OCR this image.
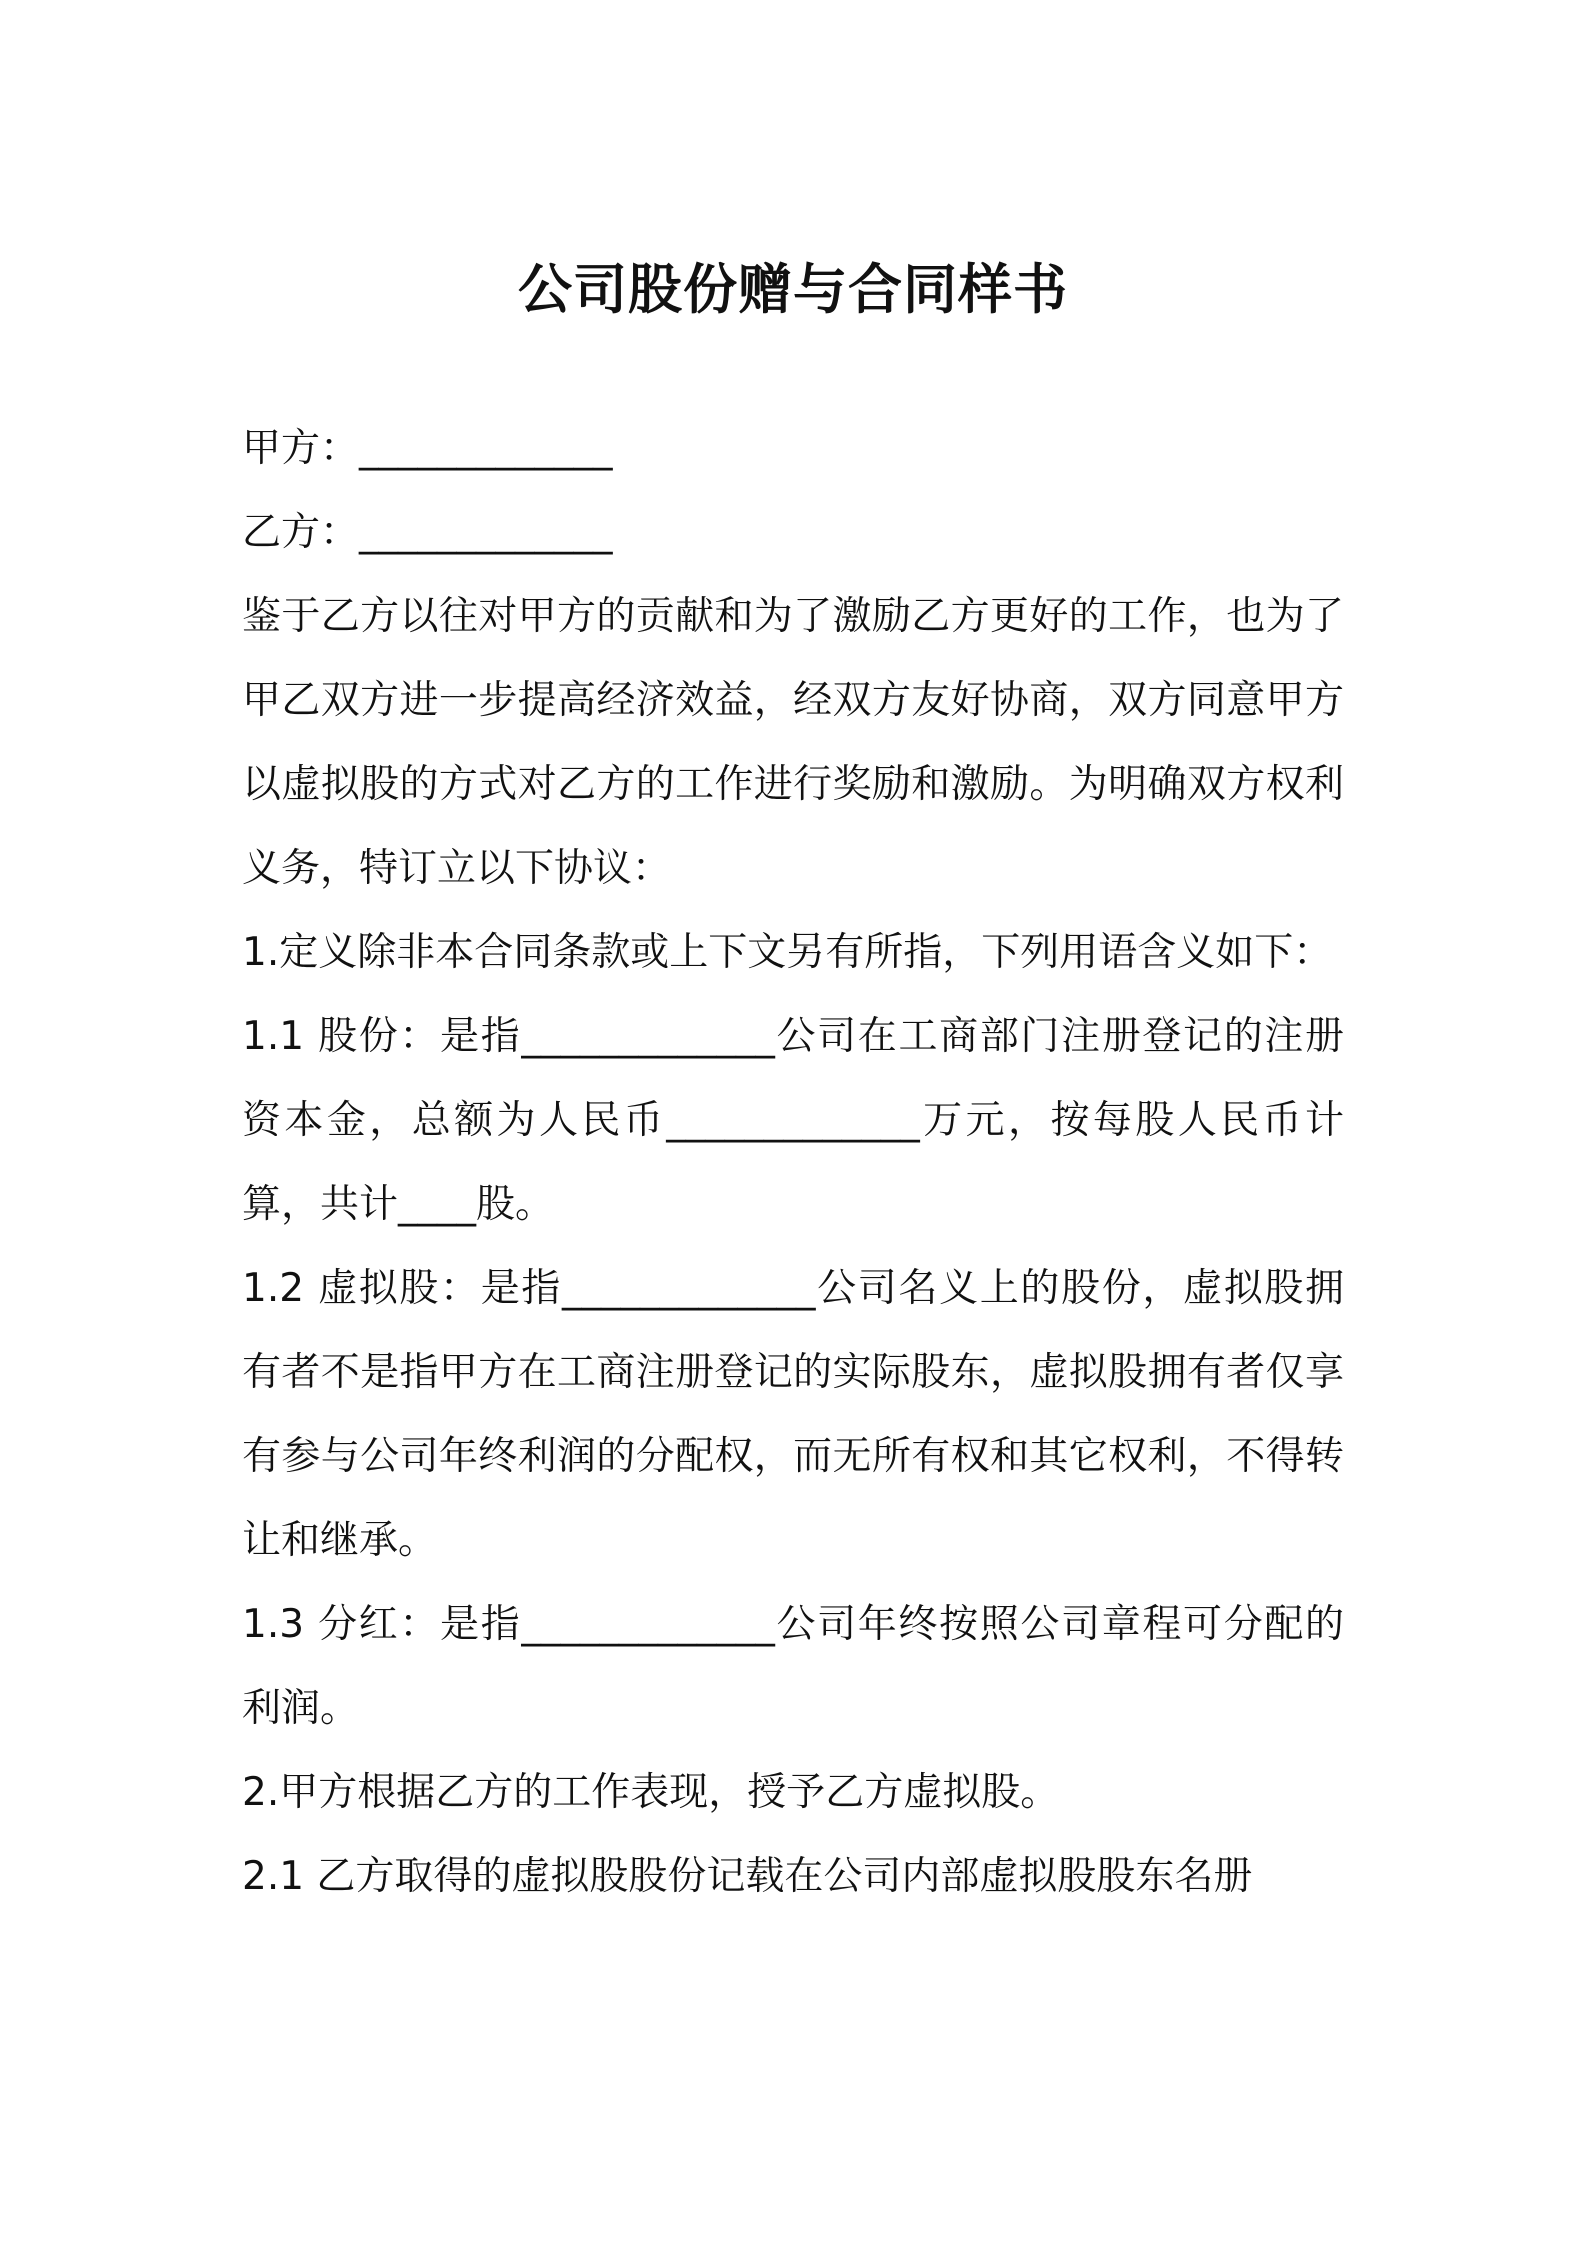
公司股份赠与合同样书

甲方：_____________

乙方：_____________

鉴于乙方以往对甲方的贡献和为了激励乙方更好的工作，也为了甲乙双方进一步提高经济效益，经双方友好协商，双方同意甲方以虚拟股的方式对乙方的工作进行奖励和激励。为明确双方权利义务，特订立以下协议：

1.定义除非本合同条款或上下文另有所指，下列用语含义如下：

1.1 股份：是指_____________公司在工商部门注册登记的注册资本金，总额为人民币_____________万元，按每股人民币计算，共计____股。

1.2 虚拟股：是指_____________公司名义上的股份，虚拟股拥有者不是指甲方在工商注册登记的实际股东，虚拟股拥有者仅享有参与公司年终利润的分配权，而无所有权和其它权利，不得转让和继承。

1.3 分红：是指_____________公司年终按照公司章程可分配的利润。

2.甲方根据乙方的工作表现，授予乙方虚拟股。

2.1 乙方取得的虚拟股股份记载在公司内部虚拟股股东名册
